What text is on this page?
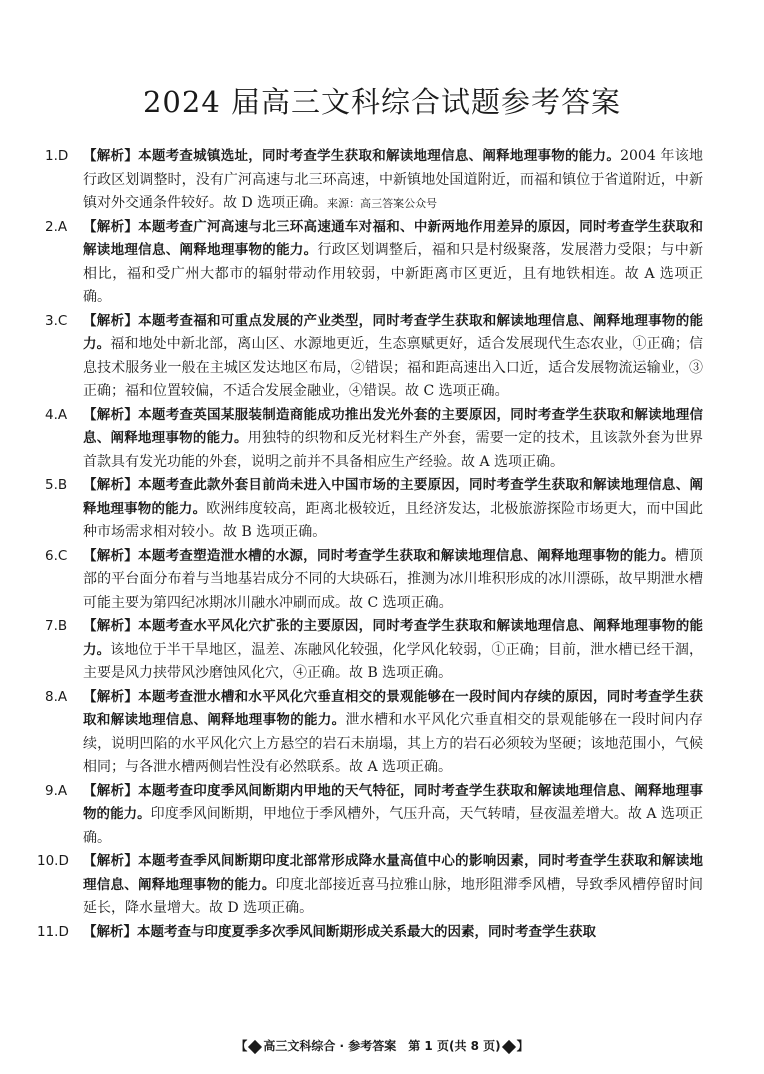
2024 届高三文科综合试题参考答案
1.D	【解析】本题考查城镇选址，同时考查学生获取和解读地理信息、阐释地理事物的能力。2004 年该地行政区划调整时，没有广河高速与北三环高速，中新镇地处国道附近，而福和镇位于省道附近，中新镇对外交通条件较好。故 D 选项正确。来源：高三答案公众号
2.A	【解析】本题考查广河高速与北三环高速通车对福和、中新两地作用差异的原因，同时考查学生获取和解读地理信息、阐释地理事物的能力。行政区划调整后，福和只是村级聚落，发展潜力受限；与中新相比，福和受广州大都市的辐射带动作用较弱，中新距离市区更近，且有地铁相连。故 A 选项正确。
3.C	【解析】本题考查福和可重点发展的产业类型，同时考查学生获取和解读地理信息、阐释地理事物的能力。福和地处中新北部，离山区、水源地更近，生态禀赋更好，适合发展现代生态农业，①正确；信息技术服务业一般在主城区发达地区布局，②错误；福和距高速出入口近，适合发展物流运输业，③正确；福和位置较偏，不适合发展金融业，④错误。故 C 选项正确。
4.A	【解析】本题考查英国某服装制造商能成功推出发光外套的主要原因，同时考查学生获取和解读地理信息、阐释地理事物的能力。用独特的织物和反光材料生产外套，需要一定的技术，且该款外套为世界首款具有发光功能的外套，说明之前并不具备相应生产经验。故 A 选项正确。
5.B	【解析】本题考查此款外套目前尚未进入中国市场的主要原因，同时考查学生获取和解读地理信息、阐释地理事物的能力。欧洲纬度较高，距离北极较近，且经济发达，北极旅游探险市场更大，而中国此种市场需求相对较小。故 B 选项正确。
6.C	【解析】本题考查塑造泄水槽的水源，同时考查学生获取和解读地理信息、阐释地理事物的能力。槽顶部的平台面分布着与当地基岩成分不同的大块砾石，推测为冰川堆积形成的冰川漂砾，故早期泄水槽可能主要为第四纪冰期冰川融水冲刷而成。故 C 选项正确。
7.B	【解析】本题考查水平风化穴扩张的主要原因，同时考查学生获取和解读地理信息、阐释地理事物的能力。该地位于半干旱地区，温差、冻融风化较强，化学风化较弱，①正确；目前，泄水槽已经干涸，主要是风力挟带风沙磨蚀风化穴，④正确。故 B 选项正确。
8.A	【解析】本题考查泄水槽和水平风化穴垂直相交的景观能够在一段时间内存续的原因，同时考查学生获取和解读地理信息、阐释地理事物的能力。泄水槽和水平风化穴垂直相交的景观能够在一段时间内存续，说明凹陷的水平风化穴上方悬空的岩石未崩塌，其上方的岩石必须较为坚硬；该地范围小，气候相同；与各泄水槽两侧岩性没有必然联系。故 A 选项正确。
9.A	【解析】本题考查印度季风间断期内甲地的天气特征，同时考查学生获取和解读地理信息、阐释地理事物的能力。印度季风间断期，甲地位于季风槽外，气压升高，天气转晴，昼夜温差增大。故 A 选项正确。
10.D	【解析】本题考查季风间断期印度北部常形成降水量高值中心的影响因素，同时考查学生获取和解读地理信息、阐释地理事物的能力。印度北部接近喜马拉雅山脉，地形阻滞季风槽，导致季风槽停留时间延长，降水量增大。故 D 选项正确。
11.D	【解析】本题考查与印度夏季多次季风间断期形成关系最大的因素，同时考查学生获取
【 高三文科综合 · 参考答案　第 1 页(共 8 页) 】
